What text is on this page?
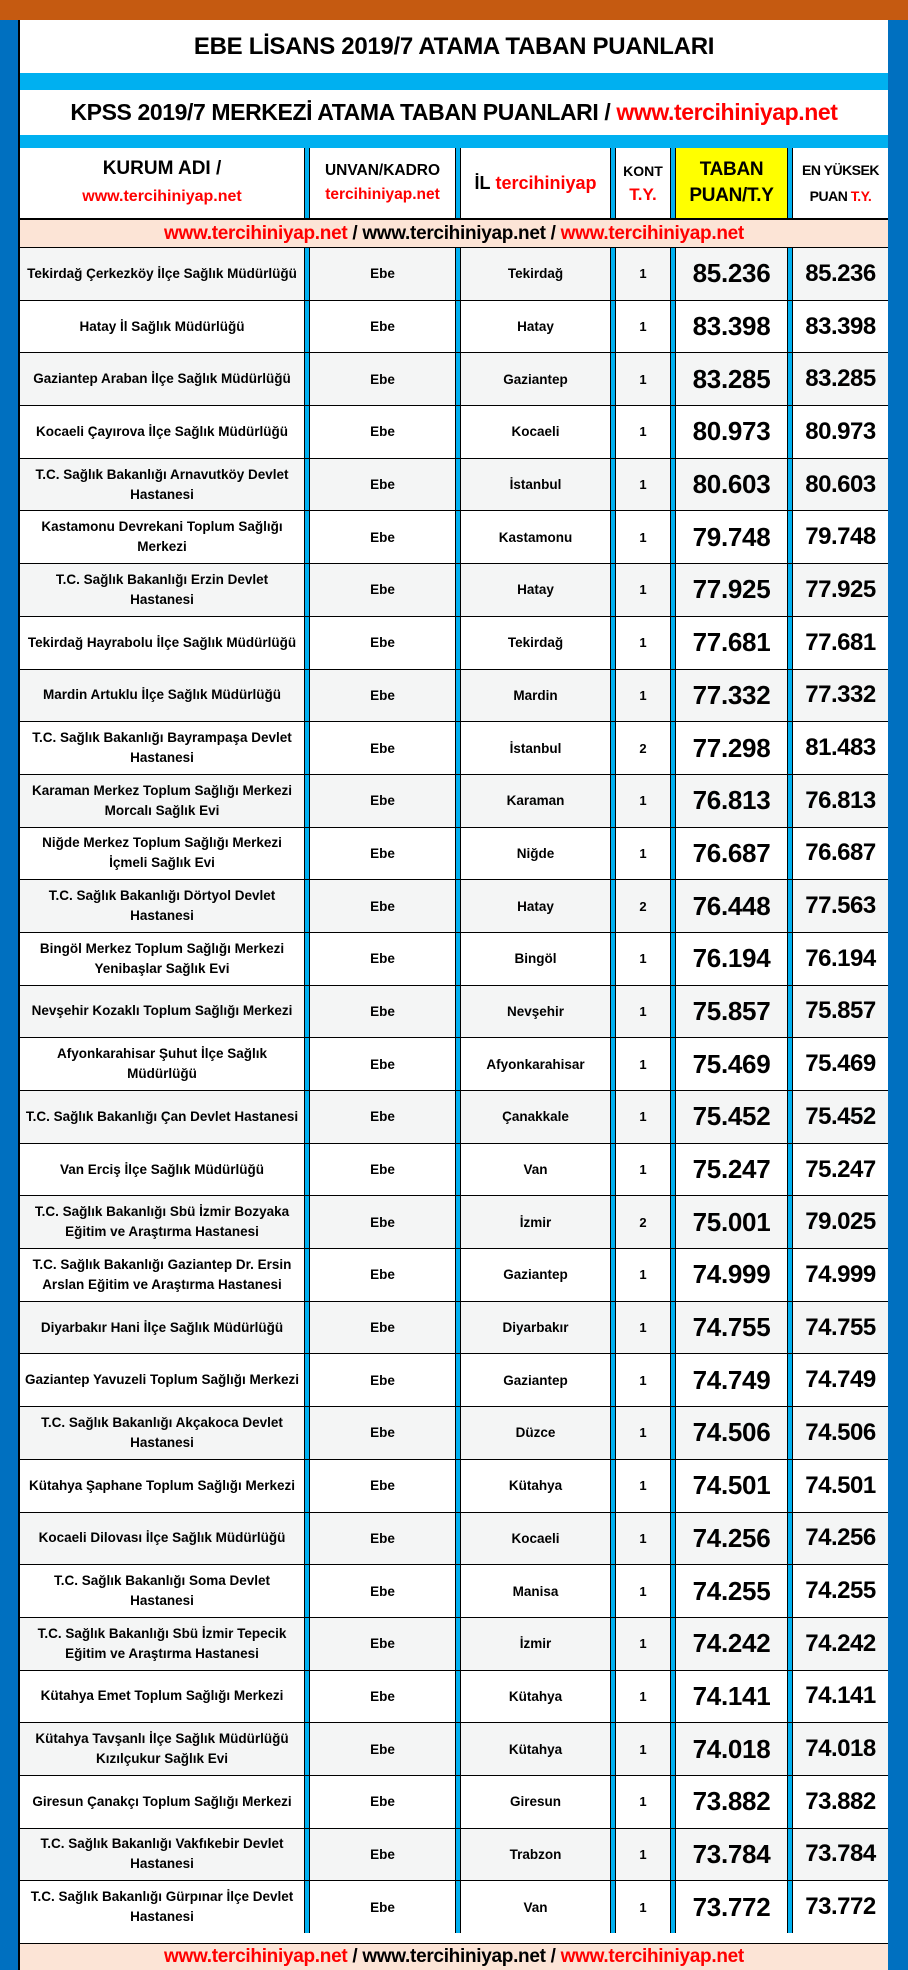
EBE LİSANS 2019/7 ATAMA TABAN PUANLARI
KPSS 2019/7 MERKEZİ ATAMA TABAN PUANLARI / www.tercihiniyap.net
KURUM ADI /
www.tercihiniyap.net
UNVAN/KADRO
tercihiniyap.net
İL tercihiniyap
KONT
T.Y.
TABAN
PUAN/T.Y
EN YÜKSEK
PUAN T.Y.
www.tercihiniyap.net / www.tercihiniyap.net / www.tercihiniyap.net
Tekirdağ Çerkezköy İlçe Sağlık Müdürlüğü	Ebe	Tekirdağ	1	85.236	85.236
Hatay İl Sağlık Müdürlüğü	Ebe	Hatay	1	83.398	83.398
Gaziantep Araban İlçe Sağlık Müdürlüğü	Ebe	Gaziantep	1	83.285	83.285
Kocaeli Çayırova İlçe Sağlık Müdürlüğü	Ebe	Kocaeli	1	80.973	80.973
T.C. Sağlık Bakanlığı Arnavutköy Devlet Hastanesi
Ebe	İstanbul	1	80.603	80.603
Kastamonu Devrekani Toplum Sağlığı Merkezi
Ebe	Kastamonu	1	79.748	79.748
T.C. Sağlık Bakanlığı Erzin Devlet Hastanesi
Ebe	Hatay	1	77.925	77.925
Tekirdağ Hayrabolu İlçe Sağlık Müdürlüğü	Ebe	Tekirdağ	1	77.681	77.681
Mardin Artuklu İlçe Sağlık Müdürlüğü	Ebe	Mardin	1	77.332	77.332
T.C. Sağlık Bakanlığı Bayrampaşa Devlet Hastanesi
Ebe	İstanbul	2	77.298	81.483
Karaman Merkez Toplum Sağlığı Merkezi Morcalı Sağlık Evi
Ebe	Karaman	1	76.813	76.813
Niğde Merkez Toplum Sağlığı Merkezi İçmeli Sağlık Evi
Ebe	Niğde	1	76.687	76.687
T.C. Sağlık Bakanlığı Dörtyol Devlet Hastanesi
Ebe	Hatay	2	76.448	77.563
Bingöl Merkez Toplum Sağlığı Merkezi Yenibaşlar Sağlık Evi
Ebe	Bingöl	1	76.194	76.194
Nevşehir Kozaklı Toplum Sağlığı Merkezi	Ebe	Nevşehir	1	75.857	75.857
Afyonkarahisar Şuhut İlçe Sağlık Müdürlüğü
Ebe	Afyonkarahisar	1	75.469	75.469
T.C. Sağlık Bakanlığı Çan Devlet Hastanesi	Ebe	Çanakkale	1	75.452	75.452
Van Erciş İlçe Sağlık Müdürlüğü	Ebe	Van	1	75.247	75.247
T.C. Sağlık Bakanlığı Sbü İzmir Bozyaka Eğitim ve Araştırma Hastanesi
Ebe	İzmir	2	75.001	79.025
T.C. Sağlık Bakanlığı Gaziantep Dr. Ersin Arslan Eğitim ve Araştırma Hastanesi
Ebe	Gaziantep	1	74.999	74.999
Diyarbakır Hani İlçe Sağlık Müdürlüğü	Ebe	Diyarbakır	1	74.755	74.755
Gaziantep Yavuzeli Toplum Sağlığı Merkezi	Ebe	Gaziantep	1	74.749	74.749
T.C. Sağlık Bakanlığı Akçakoca Devlet Hastanesi
Ebe	Düzce	1	74.506	74.506
Kütahya Şaphane Toplum Sağlığı Merkezi	Ebe	Kütahya	1	74.501	74.501
Kocaeli Dilovası İlçe Sağlık Müdürlüğü	Ebe	Kocaeli	1	74.256	74.256
T.C. Sağlık Bakanlığı Soma Devlet Hastanesi
Ebe	Manisa	1	74.255	74.255
T.C. Sağlık Bakanlığı Sbü İzmir Tepecik Eğitim ve Araştırma Hastanesi
Ebe	İzmir	1	74.242	74.242
Kütahya Emet Toplum Sağlığı Merkezi	Ebe	Kütahya	1	74.141	74.141
Kütahya Tavşanlı İlçe Sağlık Müdürlüğü Kızılçukur Sağlık Evi
Ebe	Kütahya	1	74.018	74.018
Giresun Çanakçı Toplum Sağlığı Merkezi	Ebe	Giresun	1	73.882	73.882
T.C. Sağlık Bakanlığı Vakfıkebir Devlet Hastanesi
Ebe	Trabzon	1	73.784	73.784
T.C. Sağlık Bakanlığı Gürpınar İlçe Devlet Hastanesi
Ebe	Van	1	73.772	73.772
www.tercihiniyap.net / www.tercihiniyap.net / www.tercihiniyap.net
